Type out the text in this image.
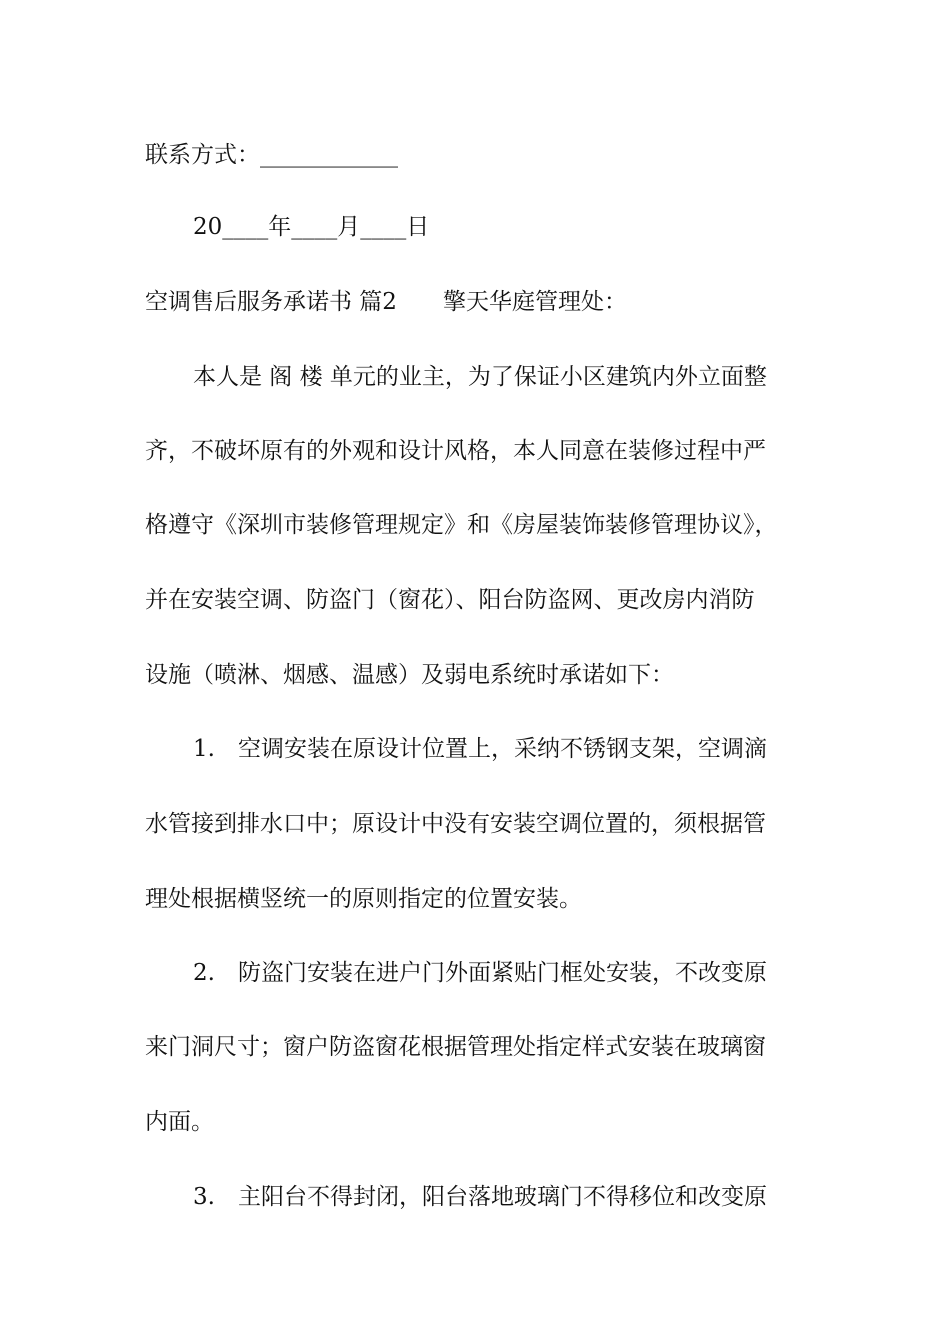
联系方式：____________
20____年____月____日
空调售后服务承诺书 篇2 擎天华庭管理处：
本人是 阁 楼 单元的业主，为了保证小区建筑内外立面整
齐，不破坏原有的外观和设计风格，本人同意在装修过程中严
格遵守《深圳市装修管理规定》和《房屋装饰装修管理协议》，
并在安装空调、防盗门（窗花）、阳台防盗网、更改房内消防
设施（喷淋、烟感、温感）及弱电系统时承诺如下：
1.　空调安装在原设计位置上，采纳不锈钢支架，空调滴
水管接到排水口中；原设计中没有安装空调位置的，须根据管
理处根据横竖统一的原则指定的位置安装。
2.　防盗门安装在进户门外面紧贴门框处安装，不改变原
来门洞尺寸；窗户防盗窗花根据管理处指定样式安装在玻璃窗
内面。
3.　主阳台不得封闭，阳台落地玻璃门不得移位和改变原
